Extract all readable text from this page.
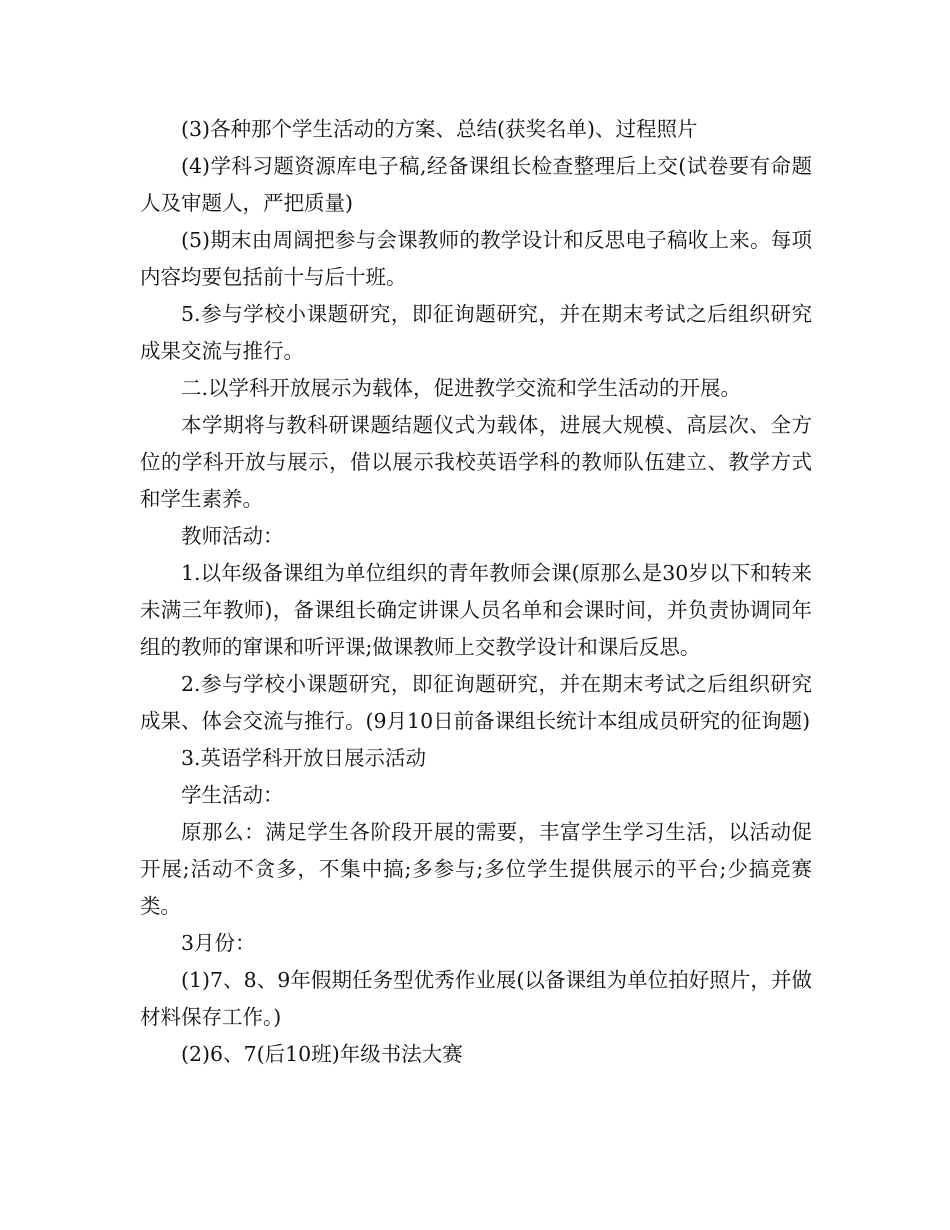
(3)各种那个学生活动的方案、总结(获奖名单)、过程照片

(4)学科习题资源库电子稿,经备课组长检查整理后上交(试卷要有命题人及审题人，严把质量)

(5)期末由周阔把参与会课教师的教学设计和反思电子稿收上来。每项内容均要包括前十与后十班。

5.参与学校小课题研究，即征询题研究，并在期末考试之后组织研究成果交流与推行。

二.以学科开放展示为载体，促进教学交流和学生活动的开展。

本学期将与教科研课题结题仪式为载体，进展大规模、高层次、全方位的学科开放与展示，借以展示我校英语学科的教师队伍建立、教学方式和学生素养。

教师活动：

1.以年级备课组为单位组织的青年教师会课(原那么是30岁以下和转来未满三年教师)，备课组长确定讲课人员名单和会课时间，并负责协调同年组的教师的窜课和听评课;做课教师上交教学设计和课后反思。

2.参与学校小课题研究，即征询题研究，并在期末考试之后组织研究成果、体会交流与推行。(9月10日前备课组长统计本组成员研究的征询题)

3.英语学科开放日展示活动

学生活动：

原那么：满足学生各阶段开展的需要，丰富学生学习生活，以活动促开展;活动不贪多，不集中搞;多参与;多位学生提供展示的平台;少搞竞赛类。

3月份：

(1)7、8、9年假期任务型优秀作业展(以备课组为单位拍好照片，并做材料保存工作。)

(2)6、7(后10班)年级书法大赛
